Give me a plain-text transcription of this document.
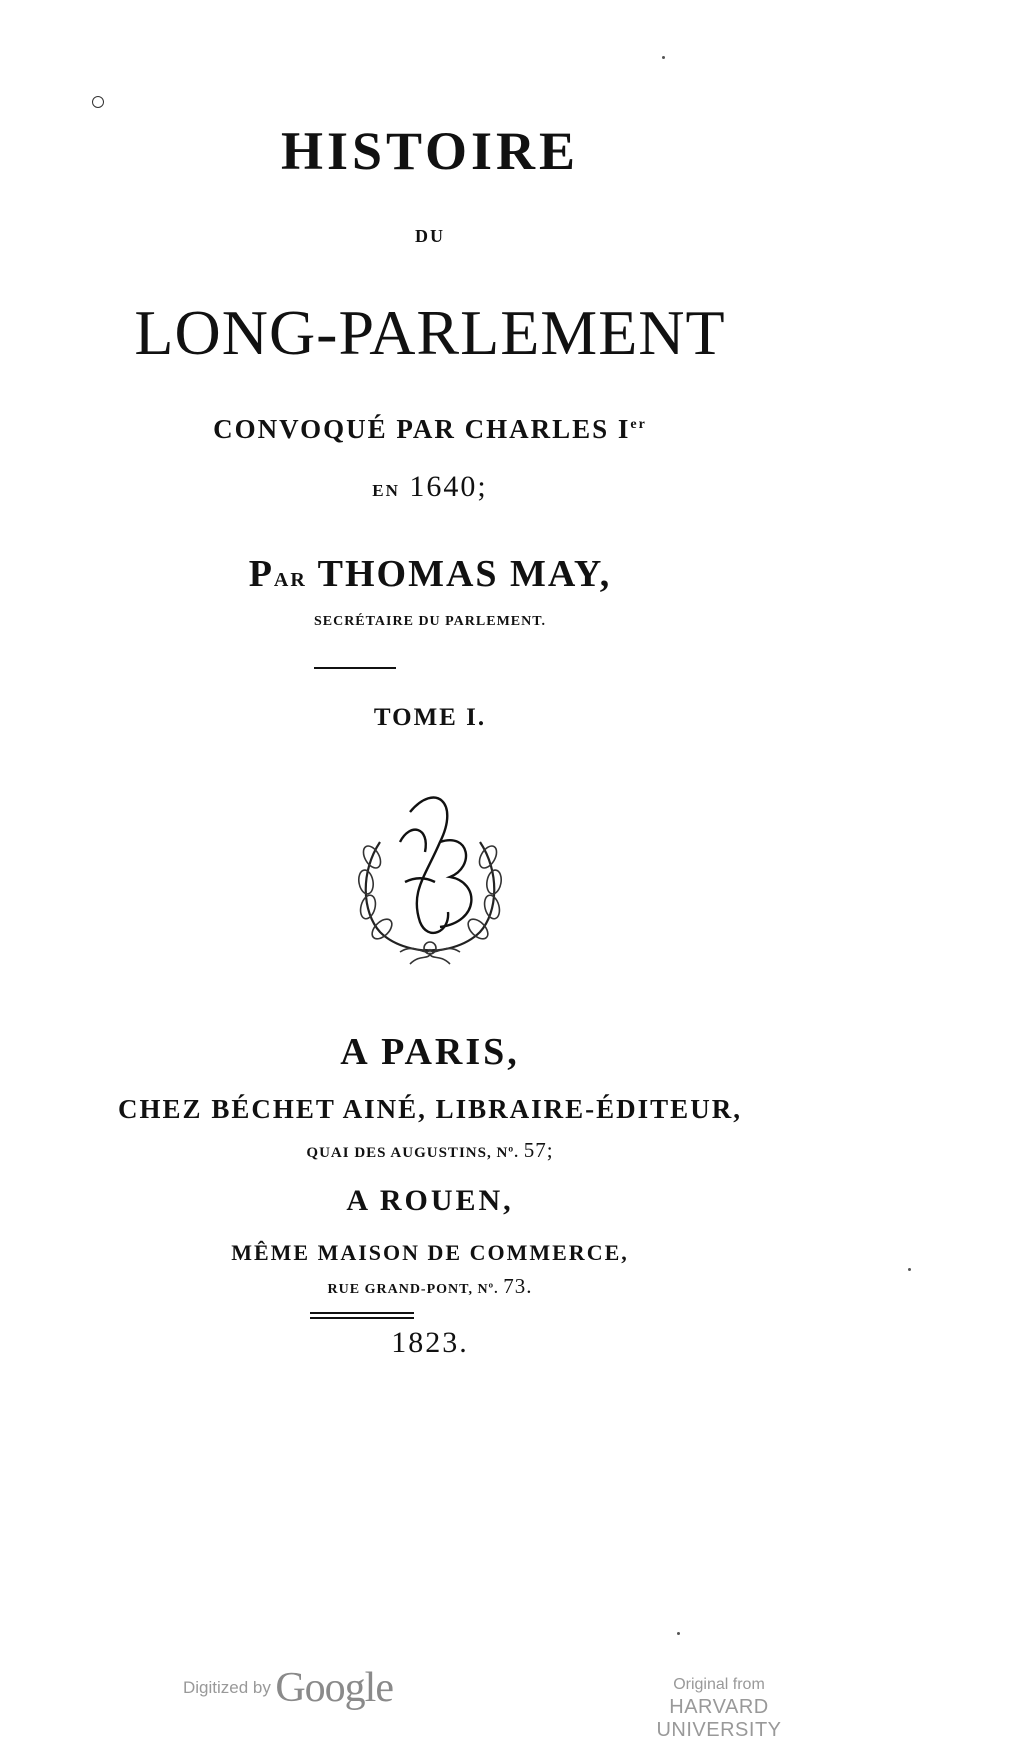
HISTOIRE
DU
LONG-PARLEMENT
CONVOQUÉ PAR CHARLES Ier
EN 1640;
PAR THOMAS MAY,
SECRÉTAIRE DU PARLEMENT.
TOME I.
A PARIS,
CHEZ BÉCHET AINÉ, LIBRAIRE-ÉDITEUR,
QUAI DES AUGUSTINS, Nº. 57;
A ROUEN,
MÊME MAISON DE COMMERCE,
RUE GRAND-PONT, Nº. 73.
1823.
Digitized by Google	Original from
HARVARD UNIVERSITY
